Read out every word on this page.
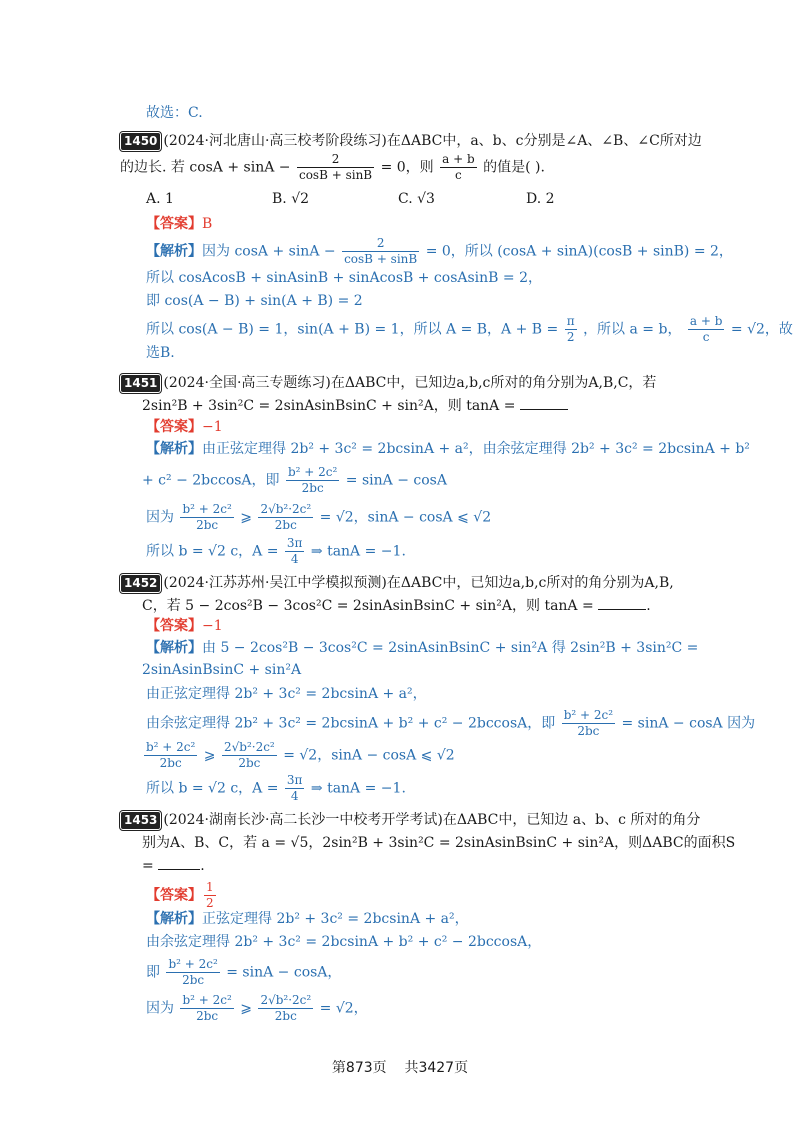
故选：C.
1450 (2024·河北唐山·高三校考阶段练习)在ΔABC中，a、b、c分别是∠A、∠B、∠C所对边
的边长. 若 $\cos A + \sin A - \frac{2}{\cos B + \sin B} = 0$，则 $\frac{a + b}{c}$ 的值是( ).
A. 1	B. √2	C. √3	D. 2
【答案】B
【解析】因为 $\cos A + \sin A - \frac{2}{\cos B + \sin B} = 0$，所以 (cosA + sinA)(cosB + sinB) = 2，
所以 cosAcosB + sinAsinB + sinAcosB + cosAsinB = 2，
即 cos(A − B) + sin(A + B) = 2
所以 cos(A − B) = 1，sin(A + B) = 1，所以 A = B，$A + B = \frac{\pi}{2}$ ，所以 a = b， $\frac{a + b}{c} = √2$，故
选B.
1451 (2024·全国·高三专题练习)在ΔABC中，已知边a,b,c所对的角分别为A,B,C，若
2sin²B + 3sin²C = 2sinAsinBsinC + sin²A，则 tanA =
【答案】−1
【解析】由正弦定理得 2b² + 3c² = 2bcsinA + a²，由余弦定理得 2b² + 3c² = 2bcsinA + b²
+ c² − 2bccosA，即 $\frac{\text{b² + 2c²}}{2bc} = \sin A - \cos A$
因为 $\frac{\text{b² + 2c²}}{2bc}$ ⩾ $\frac{\text{2√b²·2c²}}{2bc} = √2$，sinA − cosA ⩽ √2
所以 b = √2 c，$A = \frac{3\pi}{4}$ ⇒ tanA = −1.
1452 (2024·江苏苏州·吴江中学模拟预测)在ΔABC中，已知边a,b,c所对的角分别为A,B,
C，若 5 − 2cos²B − 3cos²C = 2sinAsinBsinC + sin²A，则 tanA =	.
【答案】−1
【解析】由 5 − 2cos²B − 3cos²C = 2sinAsinBsinC + sin²A 得 2sin²B + 3sin²C =
2sinAsinBsinC + sin²A
由正弦定理得 2b² + 3c² = 2bcsinA + a²，
由余弦定理得 2b² + 3c² = 2bcsinA + b² + c² − 2bccosA，即 $\frac{\text{b² + 2c²}}{2bc} = \sin A - \cos A$ 因为
$\frac{\text{b² + 2c²}}{2bc}$ ⩾ $\frac{\text{2√b²·2c²}}{2bc} = √2$，sinA − cosA ⩽ √2
所以 b = √2 c，$A = \frac{3\pi}{4}$ ⇒ tanA = −1.
1453 (2024·湖南长沙·高二长沙一中校考开学考试)在ΔABC中，已知边 a、b、c 所对的角分
别为A、B、C，若 a = √5，2sin²B + 3sin²C = 2sinAsinBsinC + sin²A，则ΔABC的面积S
=	.
【答案】 $\frac{1}{2}$
【解析】正弦定理得 2b² + 3c² = 2bcsinA + a²，
由余弦定理得 2b² + 3c² = 2bcsinA + b² + c² − 2bccosA，
即 $\frac{\text{b² + 2c²}}{2bc} = \sin A - \cos A$，
因为 $\frac{\text{b² + 2c²}}{2bc}$ ⩾ $\frac{\text{2√b²·2c²}}{2bc} = √2$，
第873页 共3427页
